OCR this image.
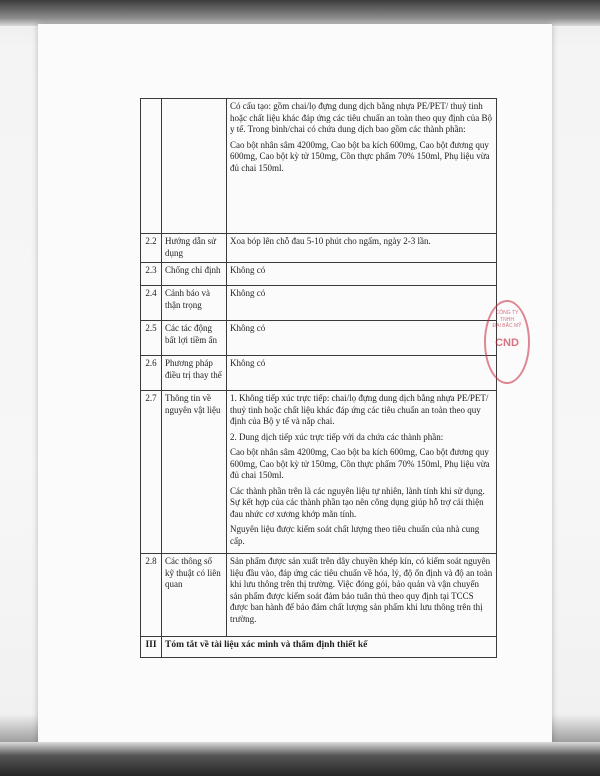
		Có cấu tạo: gồm chai/lọ đựng dung dịch bằng nhựa PE/PET/ thuỷ tinh hoặc chất liệu khác đáp ứng các tiêu chuẩn an toàn theo quy định của Bộ y tế. Trong bình/chai có chứa dung dịch bao gồm các thành phần:

Cao bột nhân sâm 4200mg, Cao bột ba kích 600mg, Cao bột đương quy 600mg, Cao bột kỳ tử 150mg, Cồn thực phẩm 70% 150ml, Phụ liệu vừa đủ chai 150ml.

2.2	Hướng dẫn sử dụng	Xoa bóp lên chỗ đau 5-10 phút cho ngấm, ngày 2-3 lần.

2.3	Chống chỉ định	Không có

2.4	Cảnh báo và thận trọng	Không có

2.5	Các tác động bất lợi tiềm ẩn	Không có

2.6	Phương pháp điều trị thay thế	Không có

2.7	Thông tin về nguyên vật liệu	1. Không tiếp xúc trực tiếp: chai/lọ đựng dung dịch bằng nhựa PE/PET/ thuỷ tinh hoặc chất liệu khác đáp ứng các tiêu chuẩn an toàn theo quy định của Bộ y tế và nắp chai.

2. Dung dịch tiếp xúc trực tiếp với da chứa các thành phần:

Cao bột nhân sâm 4200mg, Cao bột ba kích 600mg, Cao bột đương quy 600mg, Cao bột kỳ tử 150mg, Cồn thực phẩm 70% 150ml, Phụ liệu vừa đủ chai 150ml.

Các thành phần trên là các nguyên liệu tự nhiên, lành tính khi sử dụng. Sự kết hợp của các thành phần tạo nên công dụng giúp hỗ trợ cải thiện đau nhức cơ xương khớp mãn tính.

Nguyên liệu được kiểm soát chất lượng theo tiêu chuẩn của nhà cung cấp.

2.8	Các thông số kỹ thuật có liên quan	Sản phẩm được sản xuất trên dây chuyền khép kín, có kiểm soát nguyên liệu đầu vào, đáp ứng các tiêu chuẩn về hóa, lý, độ ổn định và độ an toàn khi lưu thông trên thị trường. Việc đóng gói, bảo quản và vận chuyển sản phẩm được kiểm soát đảm bảo tuân thủ theo quy định tại TCCS được ban hành để bảo đảm chất lượng sản phẩm khi lưu thông trên thị trường.

III	Tóm tắt về tài liệu xác minh và thẩm định thiết kế	
CÔNG TY
TNHH
ĐẠI BẮC MỸ
CND
